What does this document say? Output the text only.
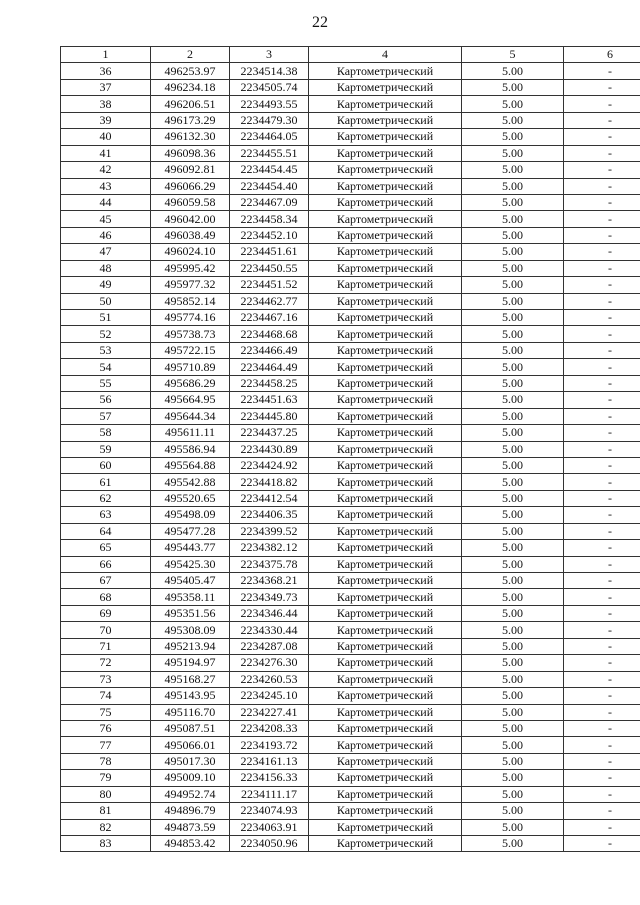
22
1	2	3	4	5	6
36	496253.97	2234514.38	Картометрический	5.00	-
37	496234.18	2234505.74	Картометрический	5.00	-
38	496206.51	2234493.55	Картометрический	5.00	-
39	496173.29	2234479.30	Картометрический	5.00	-
40	496132.30	2234464.05	Картометрический	5.00	-
41	496098.36	2234455.51	Картометрический	5.00	-
42	496092.81	2234454.45	Картометрический	5.00	-
43	496066.29	2234454.40	Картометрический	5.00	-
44	496059.58	2234467.09	Картометрический	5.00	-
45	496042.00	2234458.34	Картометрический	5.00	-
46	496038.49	2234452.10	Картометрический	5.00	-
47	496024.10	2234451.61	Картометрический	5.00	-
48	495995.42	2234450.55	Картометрический	5.00	-
49	495977.32	2234451.52	Картометрический	5.00	-
50	495852.14	2234462.77	Картометрический	5.00	-
51	495774.16	2234467.16	Картометрический	5.00	-
52	495738.73	2234468.68	Картометрический	5.00	-
53	495722.15	2234466.49	Картометрический	5.00	-
54	495710.89	2234464.49	Картометрический	5.00	-
55	495686.29	2234458.25	Картометрический	5.00	-
56	495664.95	2234451.63	Картометрический	5.00	-
57	495644.34	2234445.80	Картометрический	5.00	-
58	495611.11	2234437.25	Картометрический	5.00	-
59	495586.94	2234430.89	Картометрический	5.00	-
60	495564.88	2234424.92	Картометрический	5.00	-
61	495542.88	2234418.82	Картометрический	5.00	-
62	495520.65	2234412.54	Картометрический	5.00	-
63	495498.09	2234406.35	Картометрический	5.00	-
64	495477.28	2234399.52	Картометрический	5.00	-
65	495443.77	2234382.12	Картометрический	5.00	-
66	495425.30	2234375.78	Картометрический	5.00	-
67	495405.47	2234368.21	Картометрический	5.00	-
68	495358.11	2234349.73	Картометрический	5.00	-
69	495351.56	2234346.44	Картометрический	5.00	-
70	495308.09	2234330.44	Картометрический	5.00	-
71	495213.94	2234287.08	Картометрический	5.00	-
72	495194.97	2234276.30	Картометрический	5.00	-
73	495168.27	2234260.53	Картометрический	5.00	-
74	495143.95	2234245.10	Картометрический	5.00	-
75	495116.70	2234227.41	Картометрический	5.00	-
76	495087.51	2234208.33	Картометрический	5.00	-
77	495066.01	2234193.72	Картометрический	5.00	-
78	495017.30	2234161.13	Картометрический	5.00	-
79	495009.10	2234156.33	Картометрический	5.00	-
80	494952.74	2234111.17	Картометрический	5.00	-
81	494896.79	2234074.93	Картометрический	5.00	-
82	494873.59	2234063.91	Картометрический	5.00	-
83	494853.42	2234050.96	Картометрический	5.00	-
